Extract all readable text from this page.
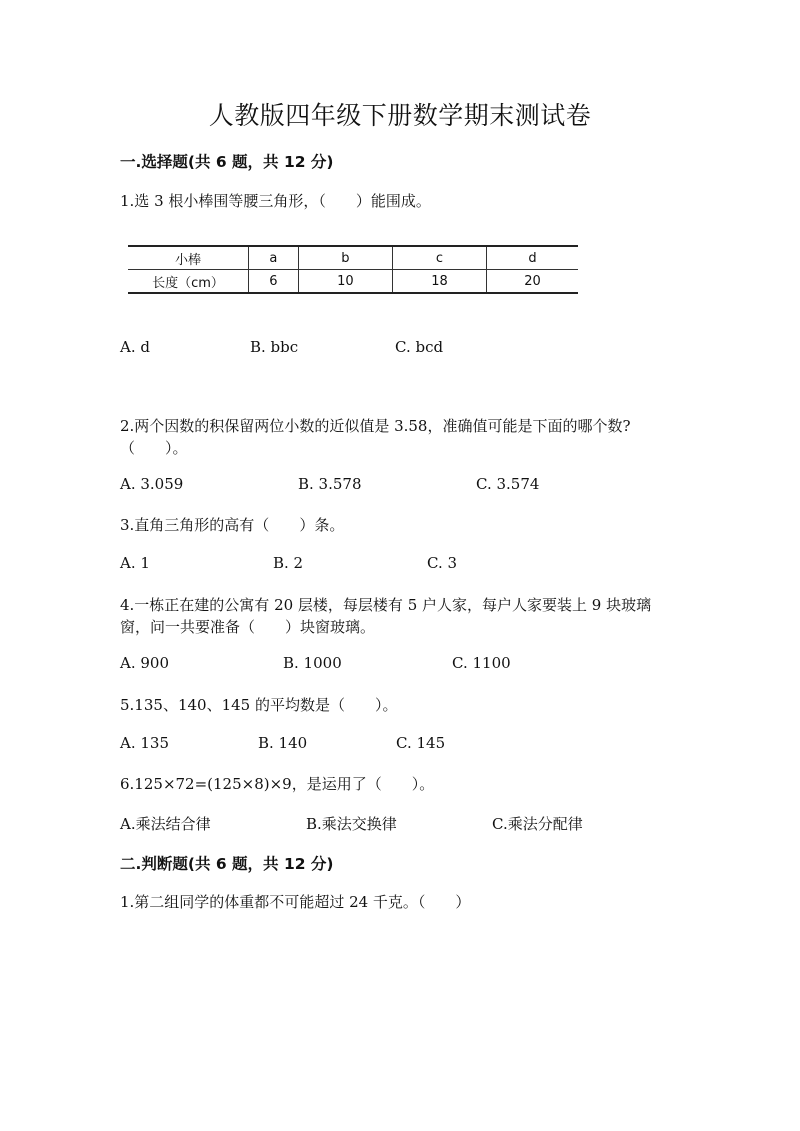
人教版四年级下册数学期末测试卷
一.选择题(共 6 题，共 12 分)
1.选 3 根小棒围等腰三角形，（　　）能围成。
小棒	a	b	c	d
长度（cm）	6	10	18	20
A. d	B. bbc	C. bcd
2.两个因数的积保留两位小数的近似值是 3.58，准确值可能是下面的哪个数?
（　　）。
A. 3.059	B. 3.578	C. 3.574
3.直角三角形的高有（　　）条。
A. 1	B. 2	C. 3
4.一栋正在建的公寓有 20 层楼，每层楼有 5 户人家，每户人家要装上 9 块玻璃
窗，问一共要准备（　　）块窗玻璃。
A. 900	B. 1000	C. 1100
5.135、140、145 的平均数是（　　）。
A. 135	B. 140	C. 145
6.125×72=(125×8)×9，是运用了（　　）。
A.乘法结合律	B.乘法交换律	C.乘法分配律
二.判断题(共 6 题，共 12 分)
1.第二组同学的体重都不可能超过 24 千克。（　　）
